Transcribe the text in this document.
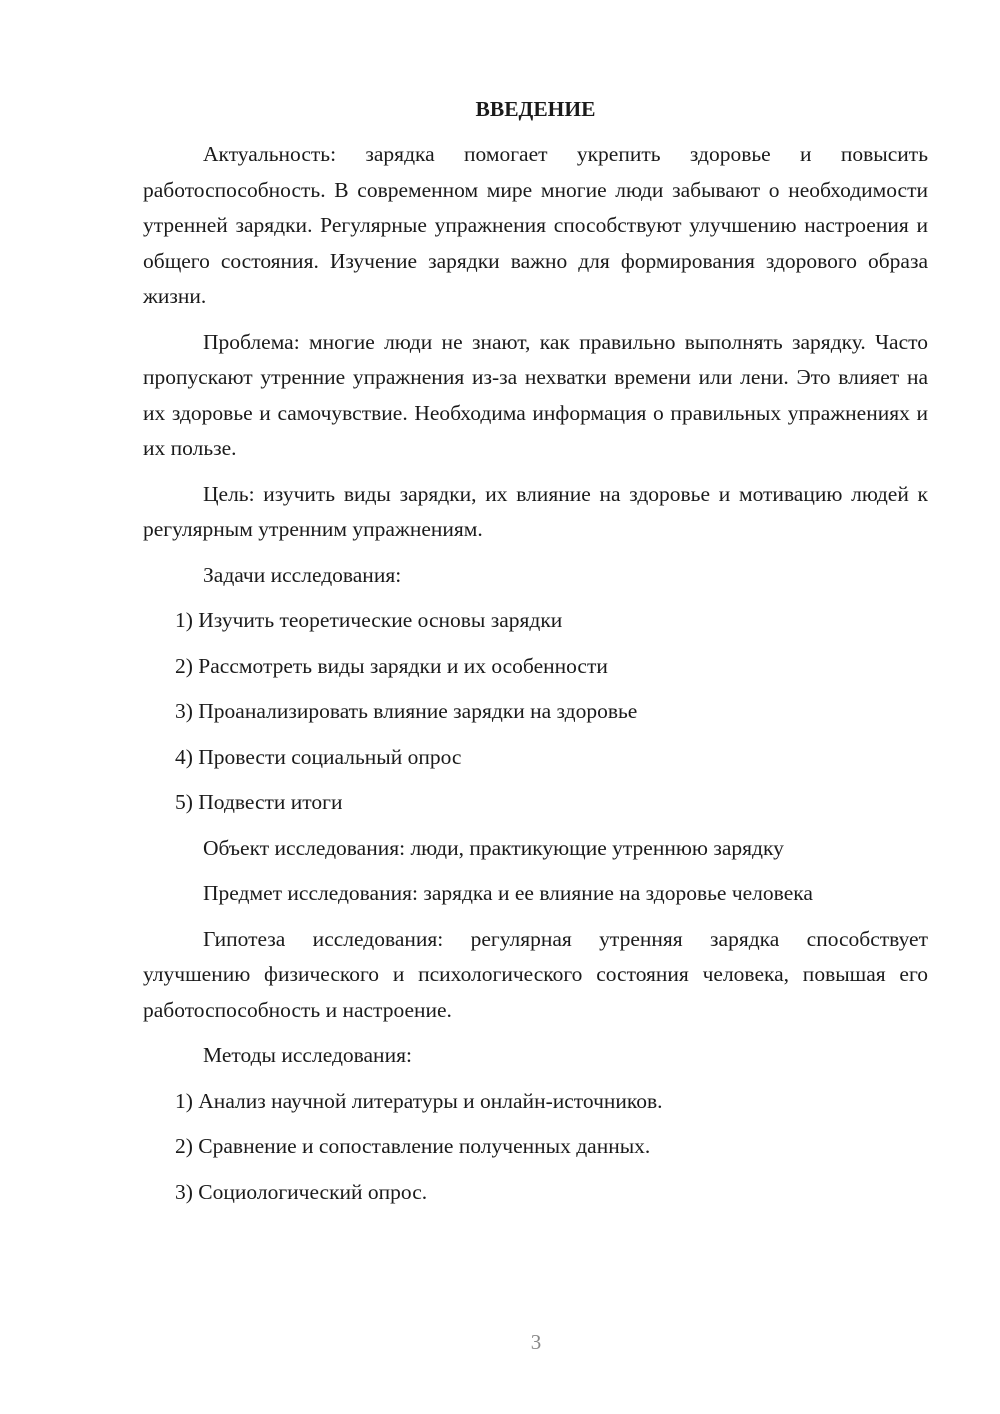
ВВЕДЕНИЕ
Актуальность: зарядка помогает укрепить здоровье и повысить работоспособность. В современном мире многие люди забывают о необходимости утренней зарядки. Регулярные упражнения способствуют улучшению настроения и общего состояния. Изучение зарядки важно для формирования здорового образа жизни.
Проблема: многие люди не знают, как правильно выполнять зарядку. Часто пропускают утренние упражнения из-за нехватки времени или лени. Это влияет на их здоровье и самочувствие. Необходима информация о правильных упражнениях и их пользе.
Цель: изучить виды зарядки, их влияние на здоровье и мотивацию людей к регулярным утренним упражнениям.
Задачи исследования:
1) Изучить теоретические основы зарядки
2) Рассмотреть виды зарядки и их особенности
3) Проанализировать влияние зарядки на здоровье
4) Провести социальный опрос
5) Подвести итоги
Объект исследования: люди, практикующие утреннюю зарядку
Предмет исследования: зарядка и ее влияние на здоровье человека
Гипотеза исследования: регулярная утренняя зарядка способствует улучшению физического и психологического состояния человека, повышая его работоспособность и настроение.
Методы исследования:
1) Анализ научной литературы и онлайн-источников.
2) Сравнение и сопоставление полученных данных.
3) Социологический опрос.
3
